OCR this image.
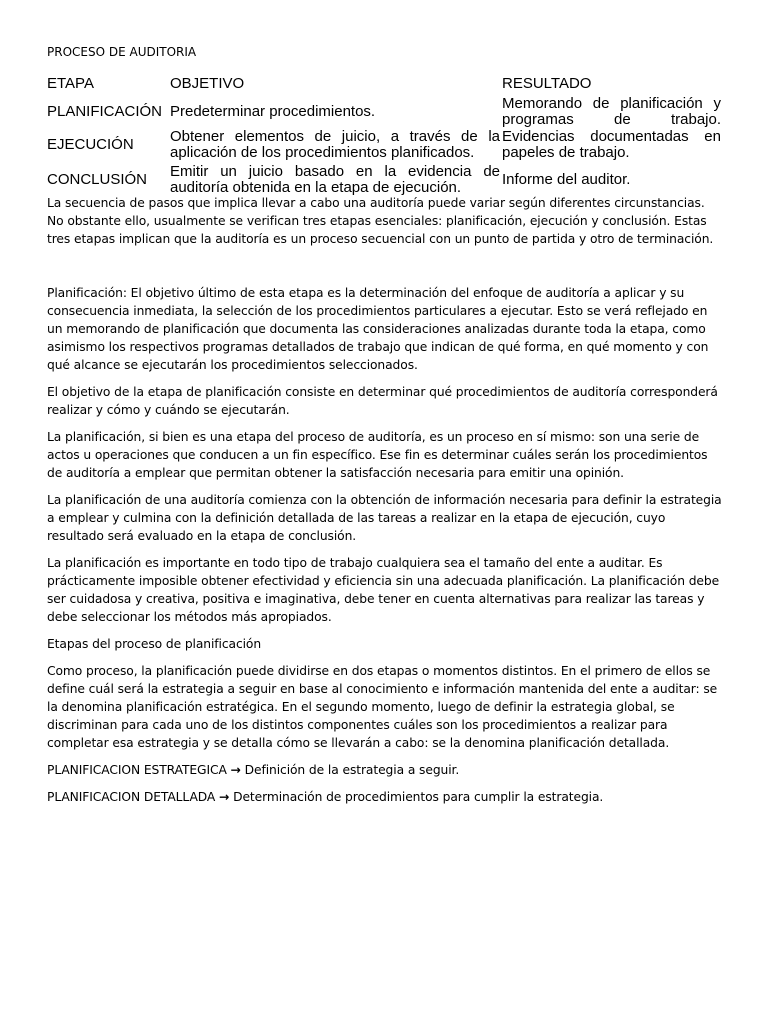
PROCESO DE AUDITORIA
ETAPA	OBJETIVO	RESULTADO
PLANIFICACIÓN	Predeterminar procedimientos.	Memorando de planificación y programas de trabajo.
EJECUCIÓN	Obtener elementos de juicio, a través de la aplicación de los procedimientos planificados.	Evidencias documentadas en papeles de trabajo.
CONCLUSIÓN	Emitir un juicio basado en la evidencia de auditoría obtenida en la etapa de ejecución.	Informe del auditor.

La secuencia de pasos que implica llevar a cabo una auditoría puede variar según diferentes circunstancias. No obstante ello, usualmente se verifican tres etapas esenciales: planificación, ejecución y conclusión. Estas tres etapas implican que la auditoría es un proceso secuencial con un punto de partida y otro de terminación.

Planificación: El objetivo último de esta etapa es la determinación del enfoque de auditoría a aplicar y su consecuencia inmediata, la selección de los procedimientos particulares a ejecutar. Esto se verá reflejado en un memorando de planificación que documenta las consideraciones analizadas durante toda la etapa, como asimismo los respectivos programas detallados de trabajo que indican de qué forma, en qué momento y con qué alcance se ejecutarán los procedimientos seleccionados.

El objetivo de la etapa de planificación consiste en determinar qué procedimientos de auditoría corresponderá realizar y cómo y cuándo se ejecutarán.

La planificación, si bien es una etapa del proceso de auditoría, es un proceso en sí mismo: son una serie de actos u operaciones que conducen a un fin específico. Ese fin es determinar cuáles serán los procedimientos de auditoría a emplear que permitan obtener la satisfacción necesaria para emitir una opinión.

La planificación de una auditoría comienza con la obtención de información necesaria para definir la estrategia a emplear y culmina con la definición detallada de las tareas a realizar en la etapa de ejecución, cuyo resultado será evaluado en la etapa de conclusión.

La planificación es importante en todo tipo de trabajo cualquiera sea el tamaño del ente a auditar. Es prácticamente imposible obtener efectividad y eficiencia sin una adecuada planificación. La planificación debe ser cuidadosa y creativa, positiva e imaginativa, debe tener en cuenta alternativas para realizar las tareas y debe seleccionar los métodos más apropiados.

Etapas del proceso de planificación

Como proceso, la planificación puede dividirse en dos etapas o momentos distintos. En el primero de ellos se define cuál será la estrategia a seguir en base al conocimiento e información mantenida del ente a auditar: se la denomina planificación estratégica. En el segundo momento, luego de definir la estrategia global, se discriminan para cada uno de los distintos componentes cuáles son los procedimientos a realizar para completar esa estrategia y se detalla cómo se llevarán a cabo: se la denomina planificación detallada.

PLANIFICACION ESTRATEGICA → Definición de la estrategia a seguir.

PLANIFICACION DETALLADA → Determinación de procedimientos para cumplir la estrategia.
